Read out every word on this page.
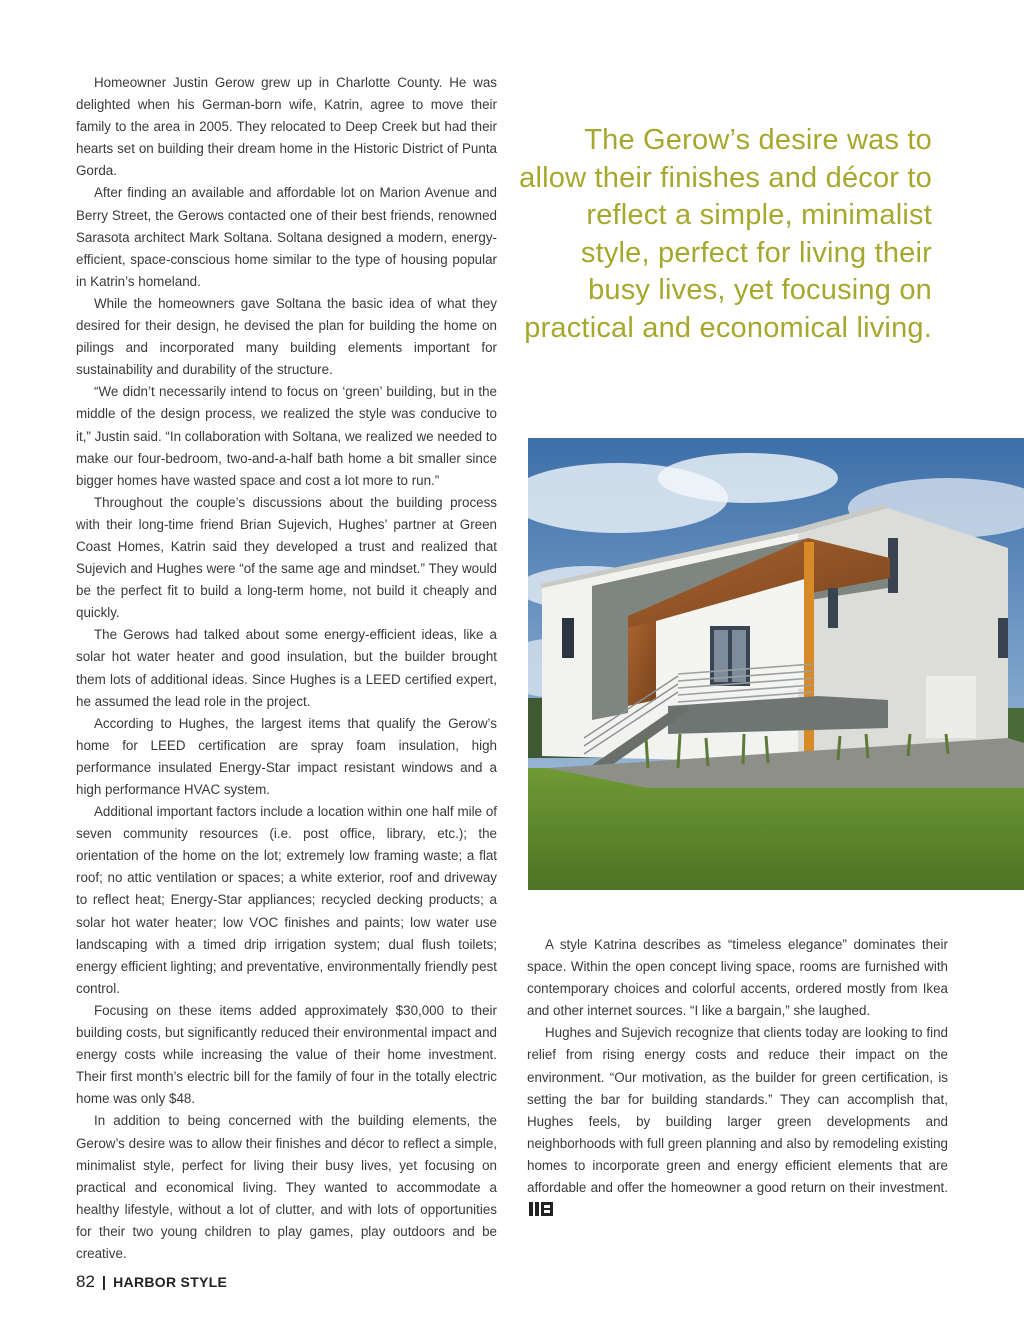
Homeowner Justin Gerow grew up in Charlotte County. He was delighted when his German-born wife, Katrin, agree to move their family to the area in 2005. They relocated to Deep Creek but had their hearts set on building their dream home in the Historic District of Punta Gorda.

After finding an available and affordable lot on Marion Avenue and Berry Street, the Gerows contacted one of their best friends, renowned Sarasota architect Mark Soltana. Soltana designed a modern, energy-efficient, space-conscious home similar to the type of housing popular in Katrin’s homeland.

While the homeowners gave Soltana the basic idea of what they desired for their design, he devised the plan for building the home on pilings and incorporated many building elements important for sustainability and durability of the structure.

“We didn’t necessarily intend to focus on ‘green’ building, but in the middle of the design process, we realized the style was conducive to it,” Justin said. “In collaboration with Soltana, we realized we needed to make our four-bedroom, two-and-a-half bath home a bit smaller since bigger homes have wasted space and cost a lot more to run.”

Throughout the couple’s discussions about the building process with their long-time friend Brian Sujevich, Hughes’ partner at Green Coast Homes, Katrin said they developed a trust and realized that Sujevich and Hughes were “of the same age and mindset.” They would be the perfect fit to build a long-term home, not build it cheaply and quickly.

The Gerows had talked about some energy-efficient ideas, like a solar hot water heater and good insulation, but the builder brought them lots of additional ideas. Since Hughes is a LEED certified expert, he assumed the lead role in the project.

According to Hughes, the largest items that qualify the Gerow’s home for LEED certification are spray foam insulation, high performance insulated Energy-Star impact resistant windows and a high performance HVAC system.

Additional important factors include a location within one half mile of seven community resources (i.e. post office, library, etc.); the orientation of the home on the lot; extremely low framing waste; a flat roof; no attic ventilation or spaces; a white exterior, roof and driveway to reflect heat; Energy-Star appliances; recycled decking products; a solar hot water heater; low VOC finishes and paints; low water use landscaping with a timed drip irrigation system; dual flush toilets; energy efficient lighting; and preventative, environmentally friendly pest control.

Focusing on these items added approximately $30,000 to their building costs, but significantly reduced their environmental impact and energy costs while increasing the value of their home investment. Their first month’s electric bill for the family of four in the totally electric home was only $48.

In addition to being concerned with the building elements, the Gerow’s desire was to allow their finishes and décor to reflect a simple, minimalist style, perfect for living their busy lives, yet focusing on practical and economical living. They wanted to accommodate a healthy lifestyle, without a lot of clutter, and with lots of opportunities for their two young children to play games, play outdoors and be creative.

The Gerow’s desire was to allow their finishes and décor to reflect a simple, minimalist style, perfect for living their busy lives, yet focusing on practical and economical living.

A style Katrina describes as “timeless elegance” dominates their space. Within the open concept living space, rooms are furnished with contemporary choices and colorful accents, ordered mostly from Ikea and other internet sources. “I like a bargain,” she laughed.

Hughes and Sujevich recognize that clients today are looking to find relief from rising energy costs and reduce their impact on the environment. “Our motivation, as the builder for green certification, is setting the bar for building standards.” They can accomplish that, Hughes feels, by building larger green developments and neighborhoods with full green planning and also by remodeling existing homes to incorporate green and energy efficient elements that are affordable and offer the homeowner a good return on their investment.

82 | HARBOR STYLE
